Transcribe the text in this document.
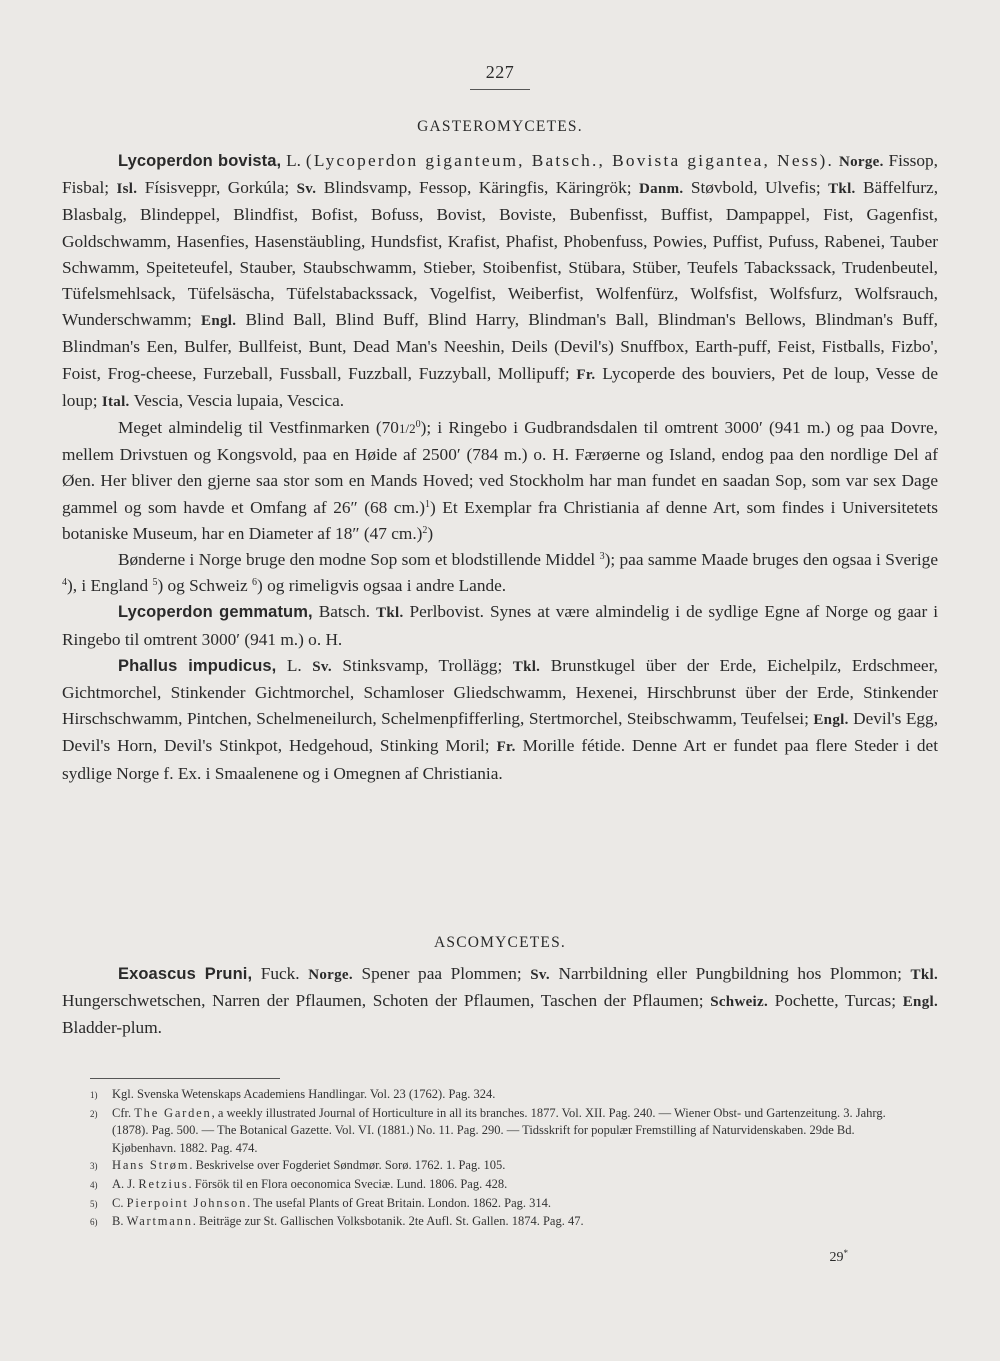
227
GASTEROMYCETES.

Lycoperdon bovista, L. (Lycoperdon giganteum, Batsch., Bovista gigantea, Ness). Norge. Fissop, Fisbal; Isl. Físisveppr, Gorkúla; Sv. Blindsvamp, Fessop, Käringfis, Käringrök; Danm. Støvbold, Ulvefis; Tkl. Bäffelfurz, Blasbalg, Blindeppel, Blindfist, Bofist, Bofuss, Bovist, Boviste, Bubenfisst, Buffist, Dampappel, Fist, Gagenfist, Goldschwamm, Hasenfies, Hasenstäubling, Hundsfist, Krafist, Phafist, Phobenfuss, Powies, Puffist, Pufuss, Rabenei, Tauber Schwamm, Speiteteufel, Stauber, Staubschwamm, Stieber, Stoibenfist, Stübara, Stüber, Teufels Tabackssack, Trudenbeutel, Tüfelsmehlsack, Tüfelsäscha, Tüfelstabackssack, Vogelfist, Weiberfist, Wolfenfürz, Wolfsfist, Wolfsfurz, Wolfsrauch, Wunderschwamm; Engl. Blind Ball, Blind Buff, Blind Harry, Blindman's Ball, Blindman's Bellows, Blindman's Buff, Blindman's Een, Bulfer, Bullfeist, Bunt, Dead Man's Neeshin, Deils (Devil's) Snuffbox, Earth-puff, Feist, Fistballs, Fizbo', Foist, Frog-cheese, Furzeball, Fussball, Fuzzball, Fuzzyball, Mollipuff; Fr. Lycoperde des bouviers, Pet de loup, Vesse de loup; Ital. Vescia, Vescia lupaia, Vescica.

Meget almindelig til Vestfinmarken $(701/2^0)$; i Ringebo i Gudbrandsdalen til omtrent 3000′ (941 m.) og paa Dovre, mellem Drivstuen og Kongsvold, paa en Høide af 2500′ (784 m.) o. H. Færøerne og Island, endog paa den nordlige Del af Øen. Her bliver den gjerne saa stor som en Mands Hoved; ved Stockholm har man fundet en saadan Sop, som var sex Dage gammel og som havde et Omfang af 26″ (68 cm.)$^1$) Et Exemplar fra Christiania af denne Art, som findes i Universitetets botaniske Museum, har en Diameter af 18″ (47 cm.)$^2$)

Bønderne i Norge bruge den modne Sop som et blodstillende Middel $^3$); paa samme Maade bruges den ogsaa i Sverige $^4$), i England $^5$) og Schweiz $^6$) og rimeligvis ogsaa i andre Lande.

Lycoperdon gemmatum, Batsch. Tkl. Perlbovist. Synes at være almindelig i de sydlige Egne af Norge og gaar i Ringebo til omtrent 3000′ (941 m.) o. H.

Phallus impudicus, L. Sv. Stinksvamp, Trollägg; Tkl. Brunstkugel über der Erde, Eichelpilz, Erdschmeer, Gichtmorchel, Stinkender Gichtmorchel, Schamloser Gliedschwamm, Hexenei, Hirschbrunst über der Erde, Stinkender Hirschschwamm, Pintchen, Schelmeneilurch, Schelmenpfifferling, Stertmorchel, Steibschwamm, Teufelsei; Engl. Devil's Egg, Devil's Horn, Devil's Stinkpot, Hedgehoud, Stinking Moril; Fr. Morille fétide. Denne Art er fundet paa flere Steder i det sydlige Norge f. Ex. i Smaalenene og i Omegnen af Christiania.

ASCOMYCETES.

Exoascus Pruni, Fuck. Norge. Spener paa Plommen; Sv. Narrbildning eller Pungbildning hos Plommon; Tkl. Hungerschwetschen, Narren der Pflaumen, Schoten der Pflaumen, Taschen der Pflaumen; Schweiz. Pochette, Turcas; Engl. Bladder-plum.

1)	Kgl. Svenska Wetenskaps Academiens Handlingar. Vol. 23 (1762). Pag. 324.
2)	Cfr. The Garden, a weekly illustrated Journal of Horticulture in all its branches. 1877. Vol. XII. Pag. 240. — Wiener Obst- und Gartenzeitung. 3. Jahrg. (1878). Pag. 500. — The Botanical Gazette. Vol. VI. (1881.) No. 11. Pag. 290. — Tidsskrift for populær Fremstilling af Naturvidenskaben. 29de Bd. Kjøbenhavn. 1882. Pag. 474.
3)	Hans Strøm. Beskrivelse over Fogderiet Søndmør. Sorø. 1762. 1. Pag. 105.
4)	A. J. Retzius. Försök til en Flora oeconomica Sveciæ. Lund. 1806. Pag. 428.
5)	C. Pierpoint Johnson. The usefal Plants of Great Britain. London. 1862. Pag. 314.
6)	B. Wartmann. Beiträge zur St. Gallischen Volksbotanik. 2te Aufl. St. Gallen. 1874. Pag. 47.
29*
